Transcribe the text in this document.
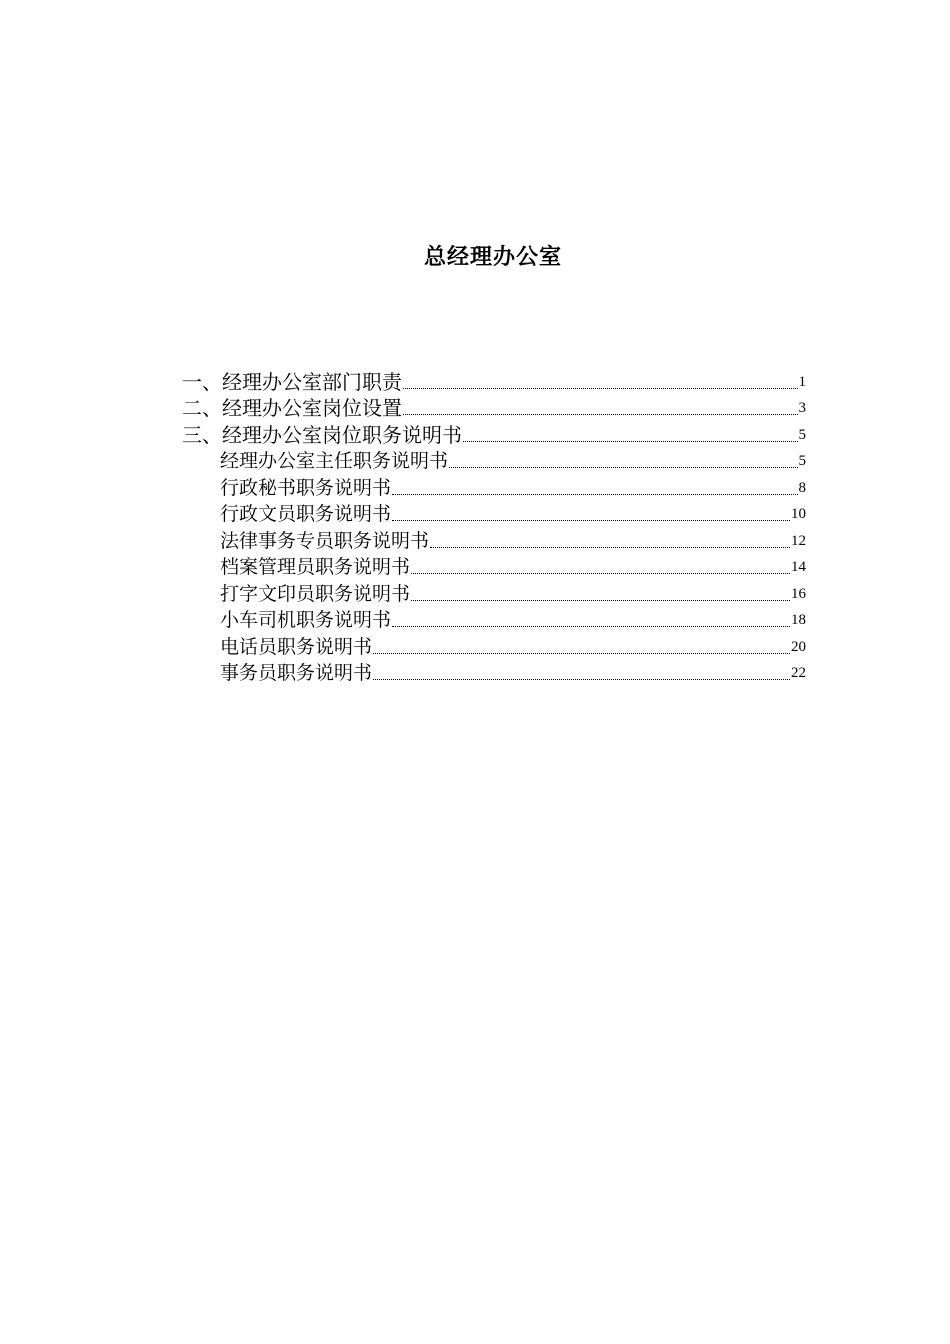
总经理办公室
一、经理办公室部门职责	1
二、经理办公室岗位设置	3
三、经理办公室岗位职务说明书	5
经理办公室主任职务说明书	5
行政秘书职务说明书	8
行政文员职务说明书	10
法律事务专员职务说明书	12
档案管理员职务说明书	14
打字文印员职务说明书	16
小车司机职务说明书	18
电话员职务说明书	20
事务员职务说明书	22
